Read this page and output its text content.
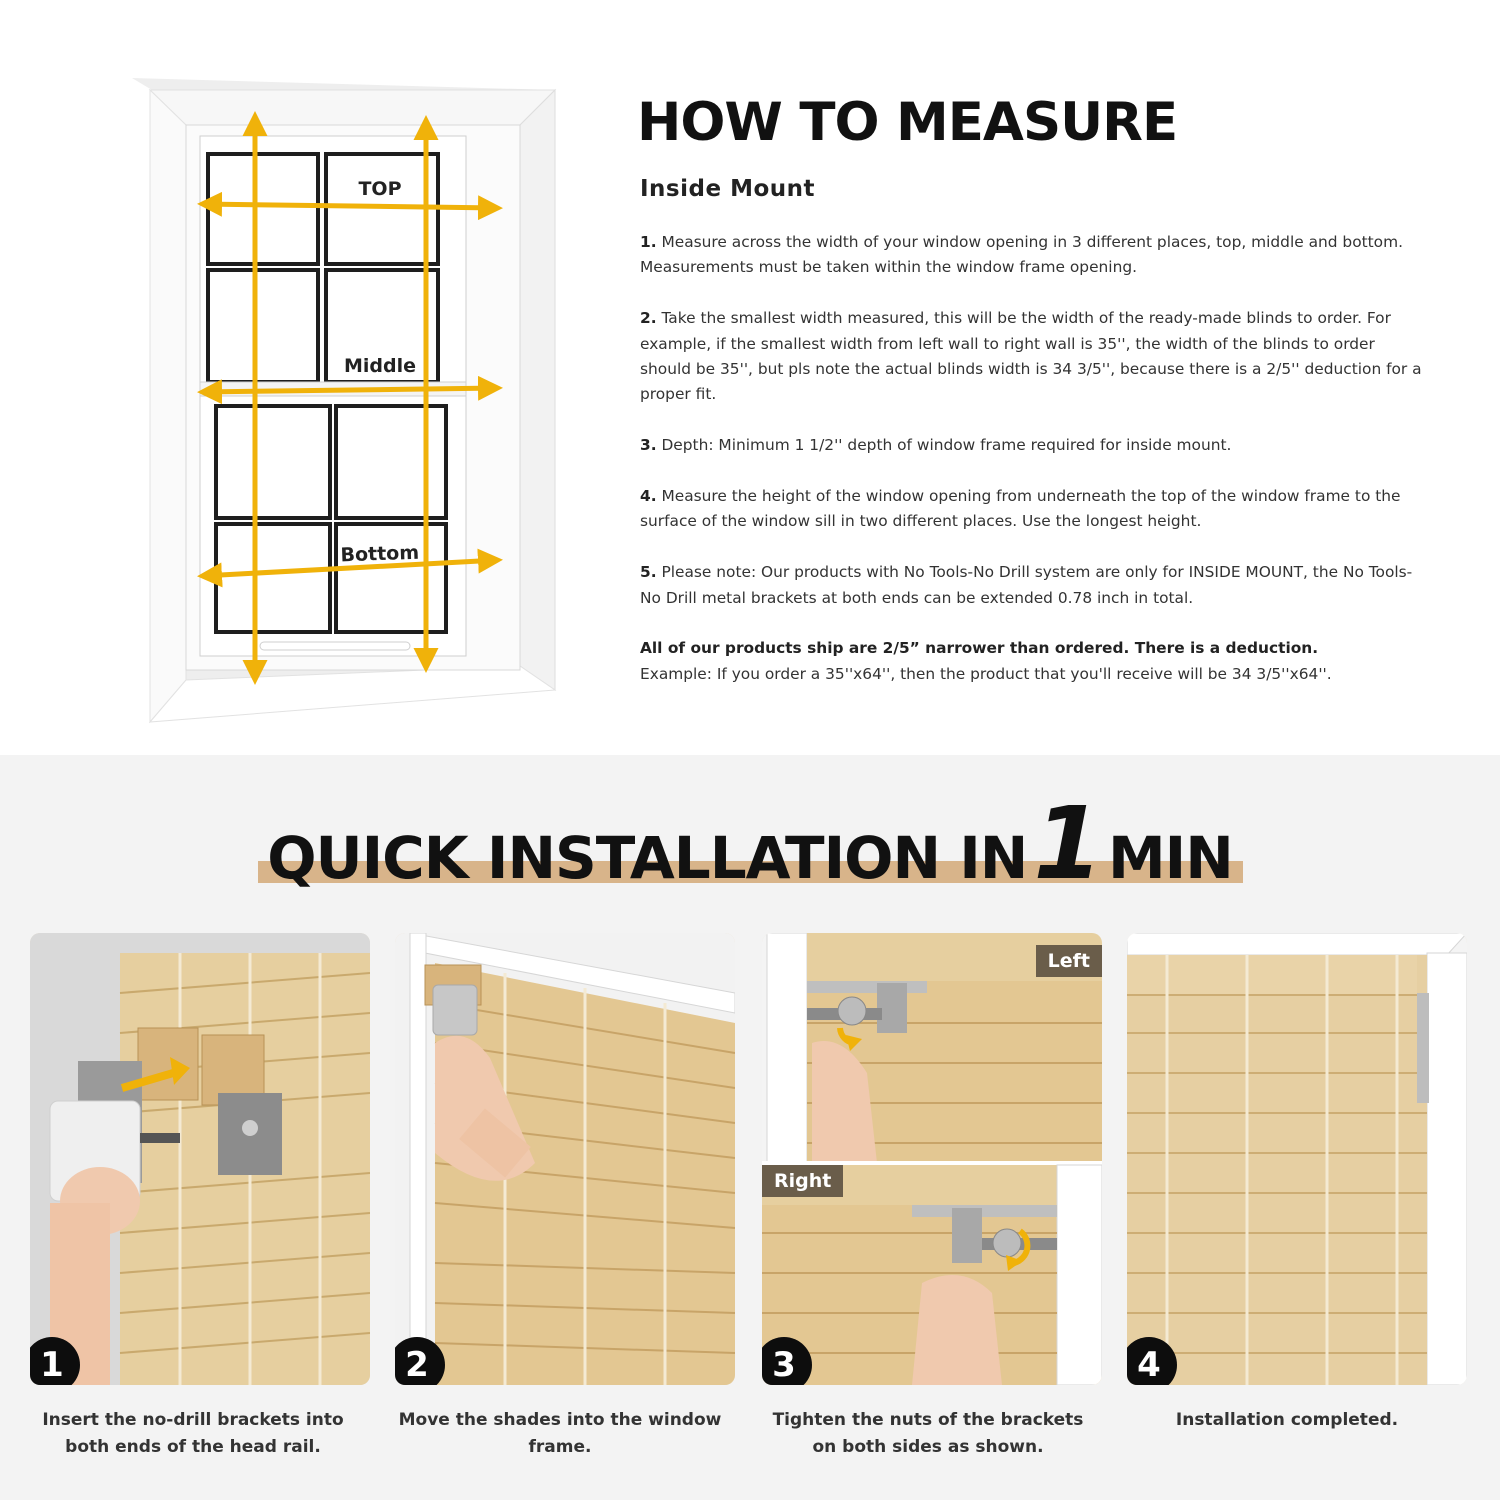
TOP
Middle
Bottom
HOW TO MEASURE
Inside Mount

1. Measure across the width of your window opening in 3 different places, top, middle and bottom. Measurements must be taken within the window frame opening.

2. Take the smallest width measured, this will be the width of the ready-made blinds to order. For example, if the smallest width from left wall to right wall is 35'', the width of the blinds to order should be 35'', but pls note the actual blinds width is 34 3/5'', because there is a 2/5'' deduction for a proper fit.

3. Depth: Minimum 1 1/2'' depth of window frame required for inside mount.

4. Measure the height of the window opening from underneath the top of the window frame to the surface of the window sill in two different places. Use the longest height.

5. Please note: Our products with No Tools-No Drill system are only for INSIDE MOUNT, the No Tools-No Drill metal brackets at both ends can be extended 0.78 inch in total.

All of our products ship are 2/5” narrower than ordered. There is a deduction.
Example: If you order a 35''x64'', then the product that you'll receive will be 34 3/5''x64''.

QUICK INSTALLATION IN1 MIN
1
Insert the no-drill brackets into both ends of the head rail.
2
Move the shades into the window frame.
Left
Right
3
Tighten the nuts of the brackets on both sides as shown.
4
Installation completed.
